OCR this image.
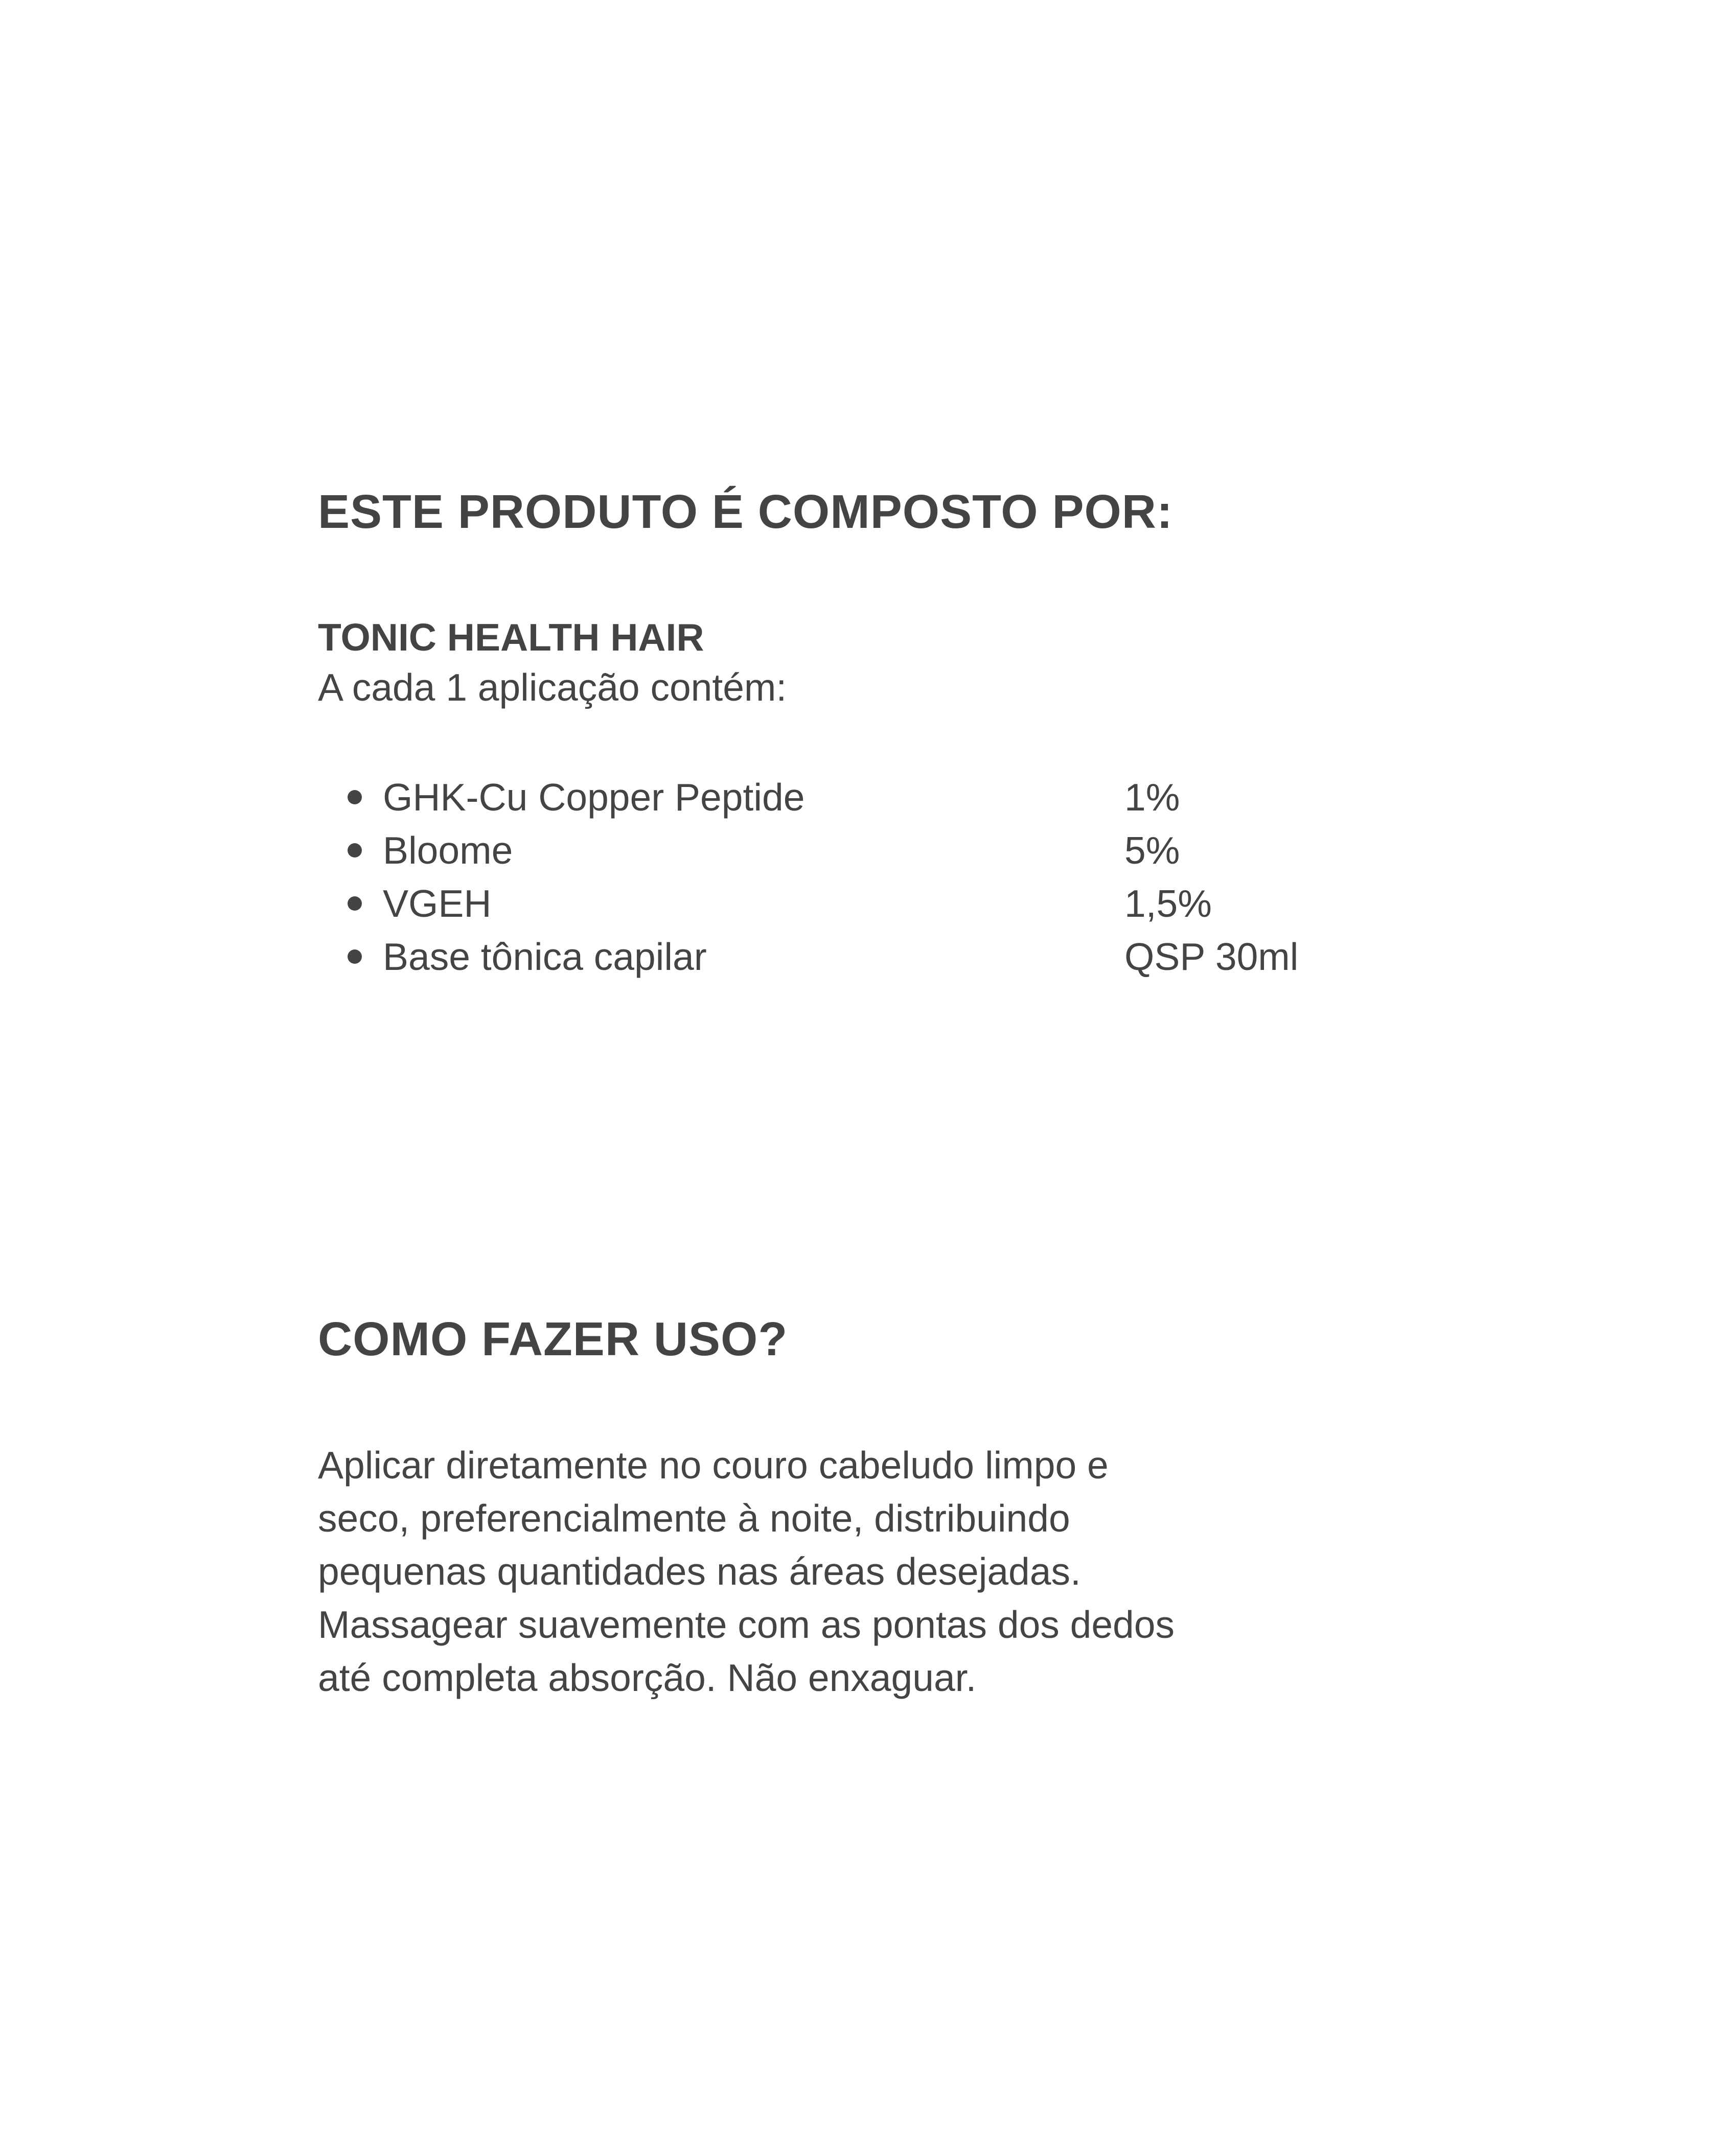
ESTE PRODUTO É COMPOSTO POR:

TONIC HEALTH HAIR

A cada 1 aplicação contém:

GHK-Cu Copper Peptide	1%
Bloome	5%
VGEH	1,5%
Base tônica capilar	QSP 30ml
COMO FAZER USO?

Aplicar diretamente no couro cabeludo limpo e
seco, preferencialmente à noite, distribuindo
pequenas quantidades nas áreas desejadas.
Massagear suavemente com as pontas dos dedos
até completa absorção. Não enxaguar.
